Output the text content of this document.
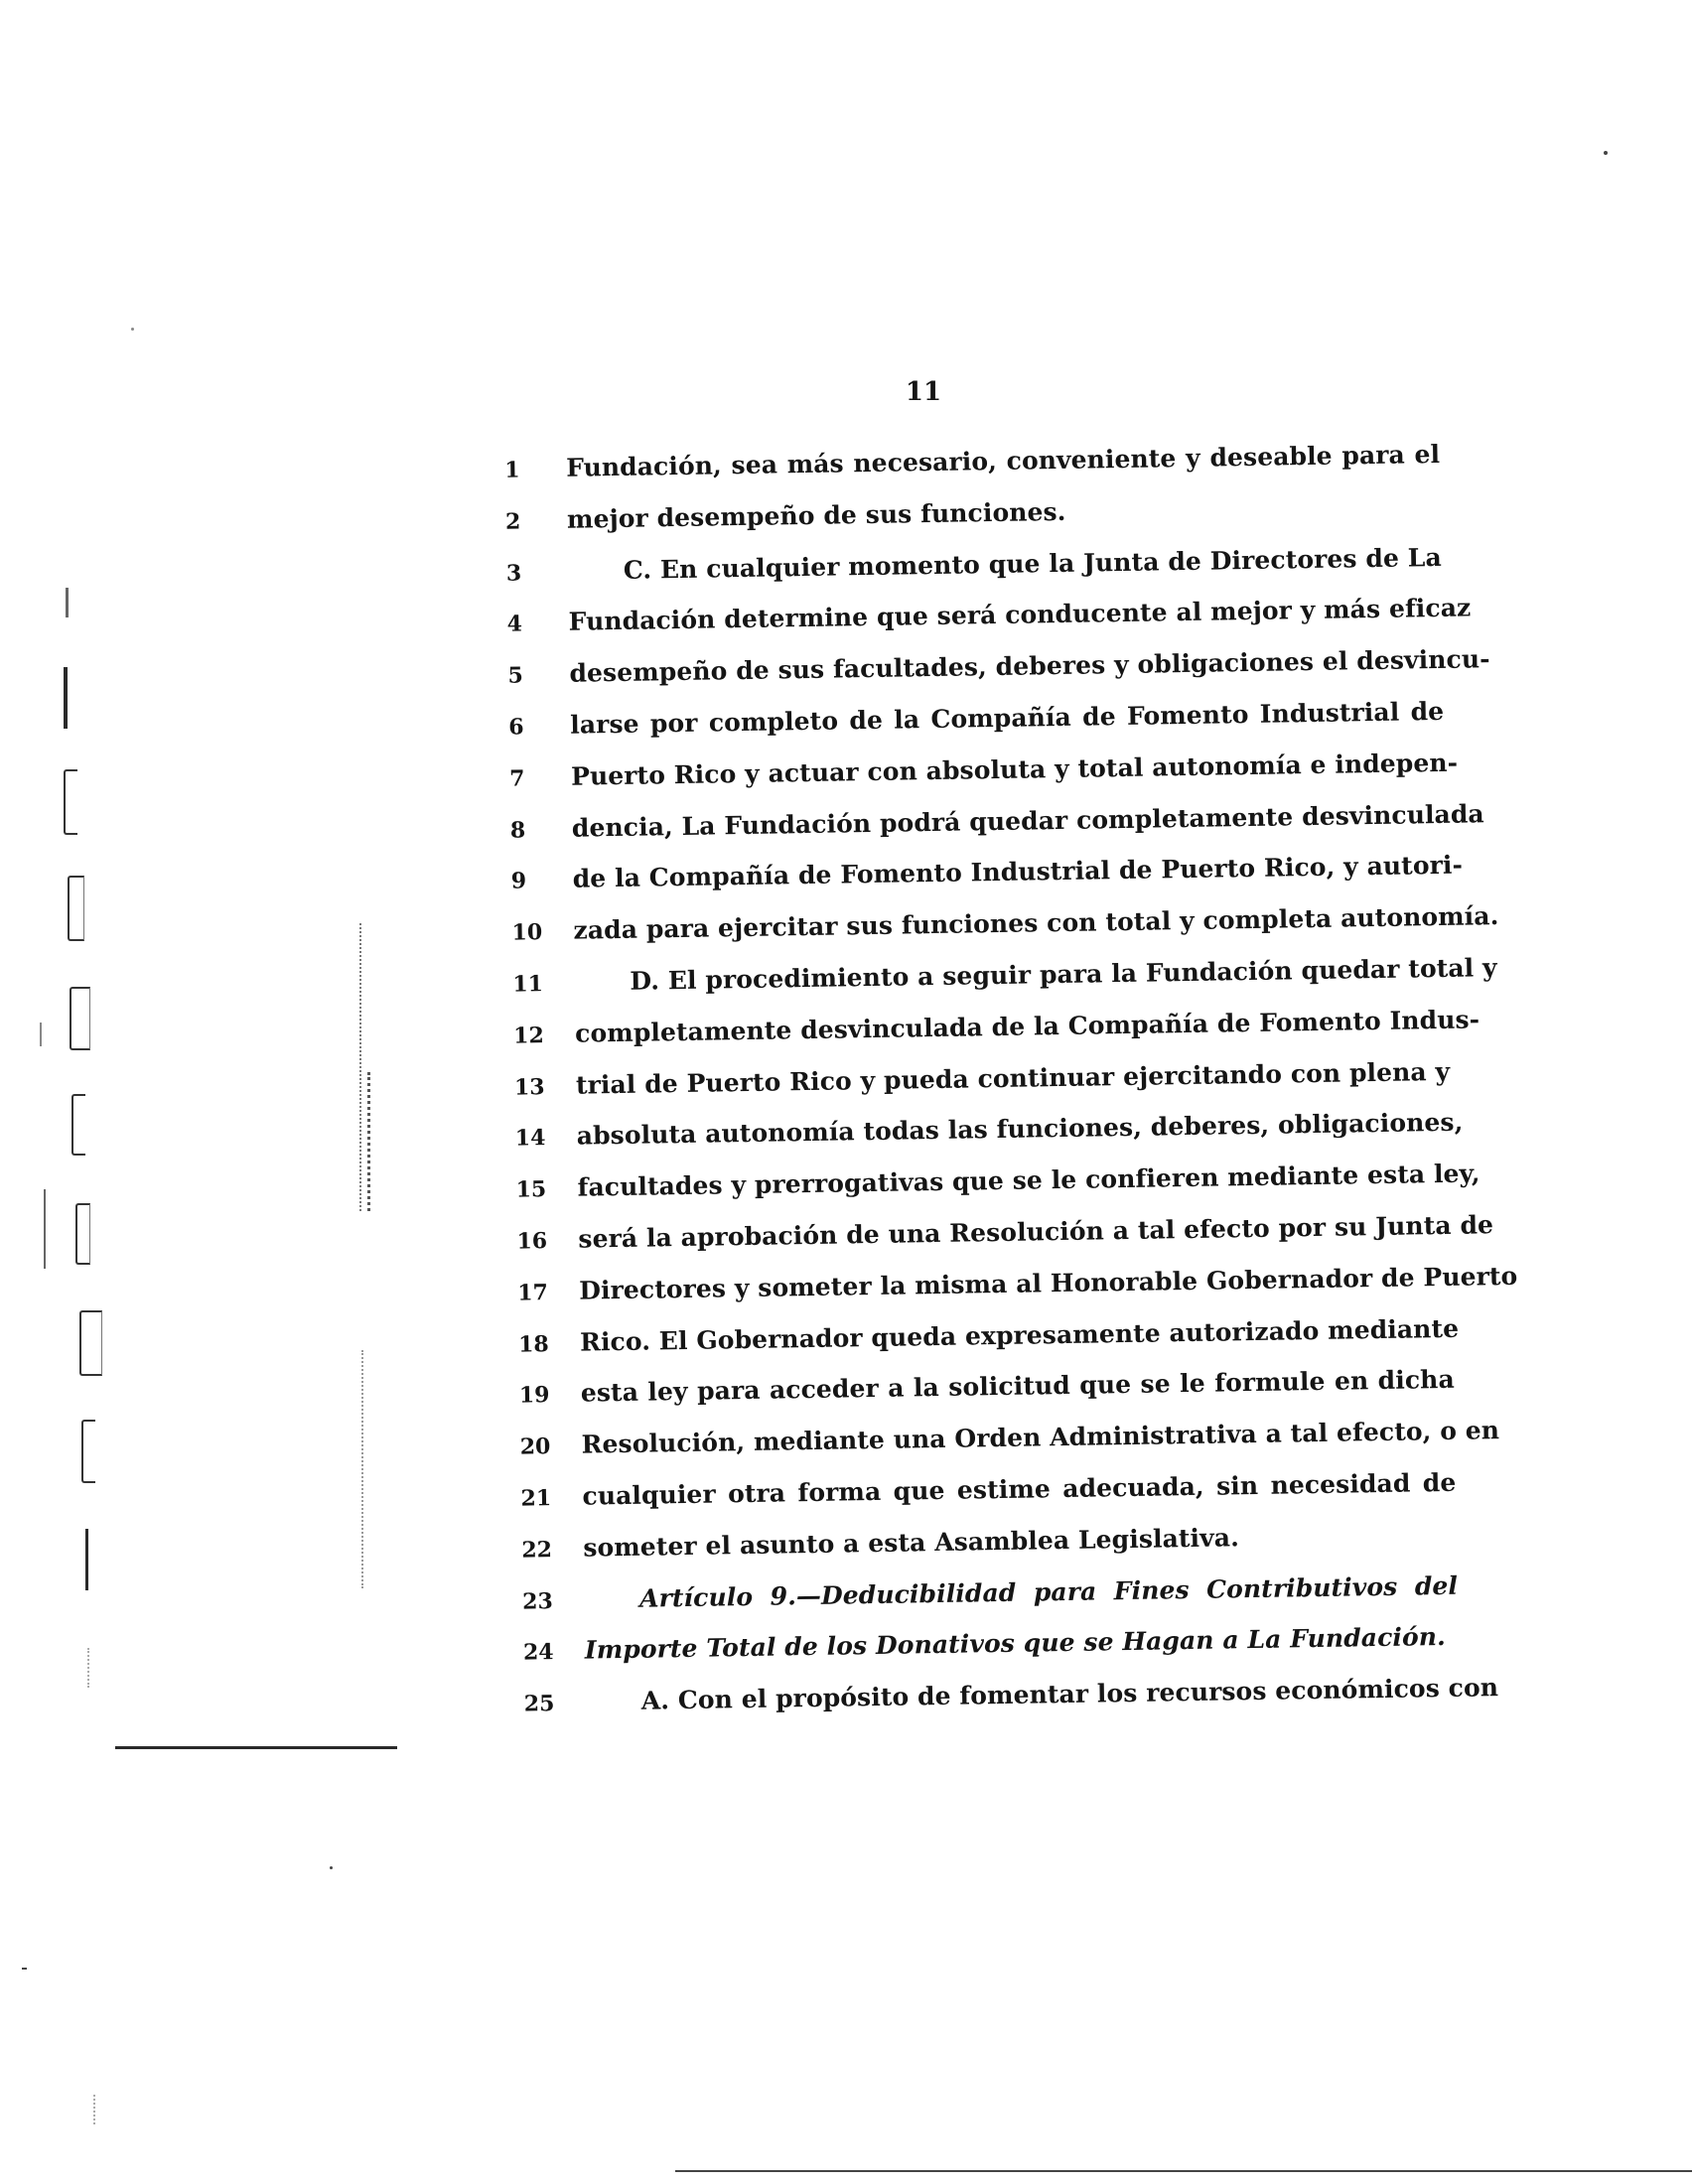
11
1	Fundación, sea más necesario, conveniente y deseable para el
2	mejor desempeño de sus funciones.
3	C. En cualquier momento que la Junta de Directores de La
4	Fundación determine que será conducente al mejor y más eficaz
5	desempeño de sus facultades, deberes y obligaciones el desvincu-
6	larse por completo de la Compañía de Fomento Industrial de
7	Puerto Rico y actuar con absoluta y total autonomía e indepen-
8	dencia, La Fundación podrá quedar completamente desvinculada
9	de la Compañía de Fomento Industrial de Puerto Rico, y autori-
10	zada para ejercitar sus funciones con total y completa autonomía.
11	D. El procedimiento a seguir para la Fundación quedar total y
12	completamente desvinculada de la Compañía de Fomento Indus-
13	trial de Puerto Rico y pueda continuar ejercitando con plena y
14	absoluta autonomía todas las funciones, deberes, obligaciones,
15	facultades y prerrogativas que se le confieren mediante esta ley,
16	será la aprobación de una Resolución a tal efecto por su Junta de
17	Directores y someter la misma al Honorable Gobernador de Puerto
18	Rico. El Gobernador queda expresamente autorizado mediante
19	esta ley para acceder a la solicitud que se le formule en dicha
20	Resolución, mediante una Orden Administrativa a tal efecto, o en
21	cualquier otra forma que estime adecuada, sin necesidad de
22	someter el asunto a esta Asamblea Legislativa.
23	Artículo 9.—Deducibilidad para Fines Contributivos del
24	Importe Total de los Donativos que se Hagan a La Fundación.
25	A. Con el propósito de fomentar los recursos económicos con
